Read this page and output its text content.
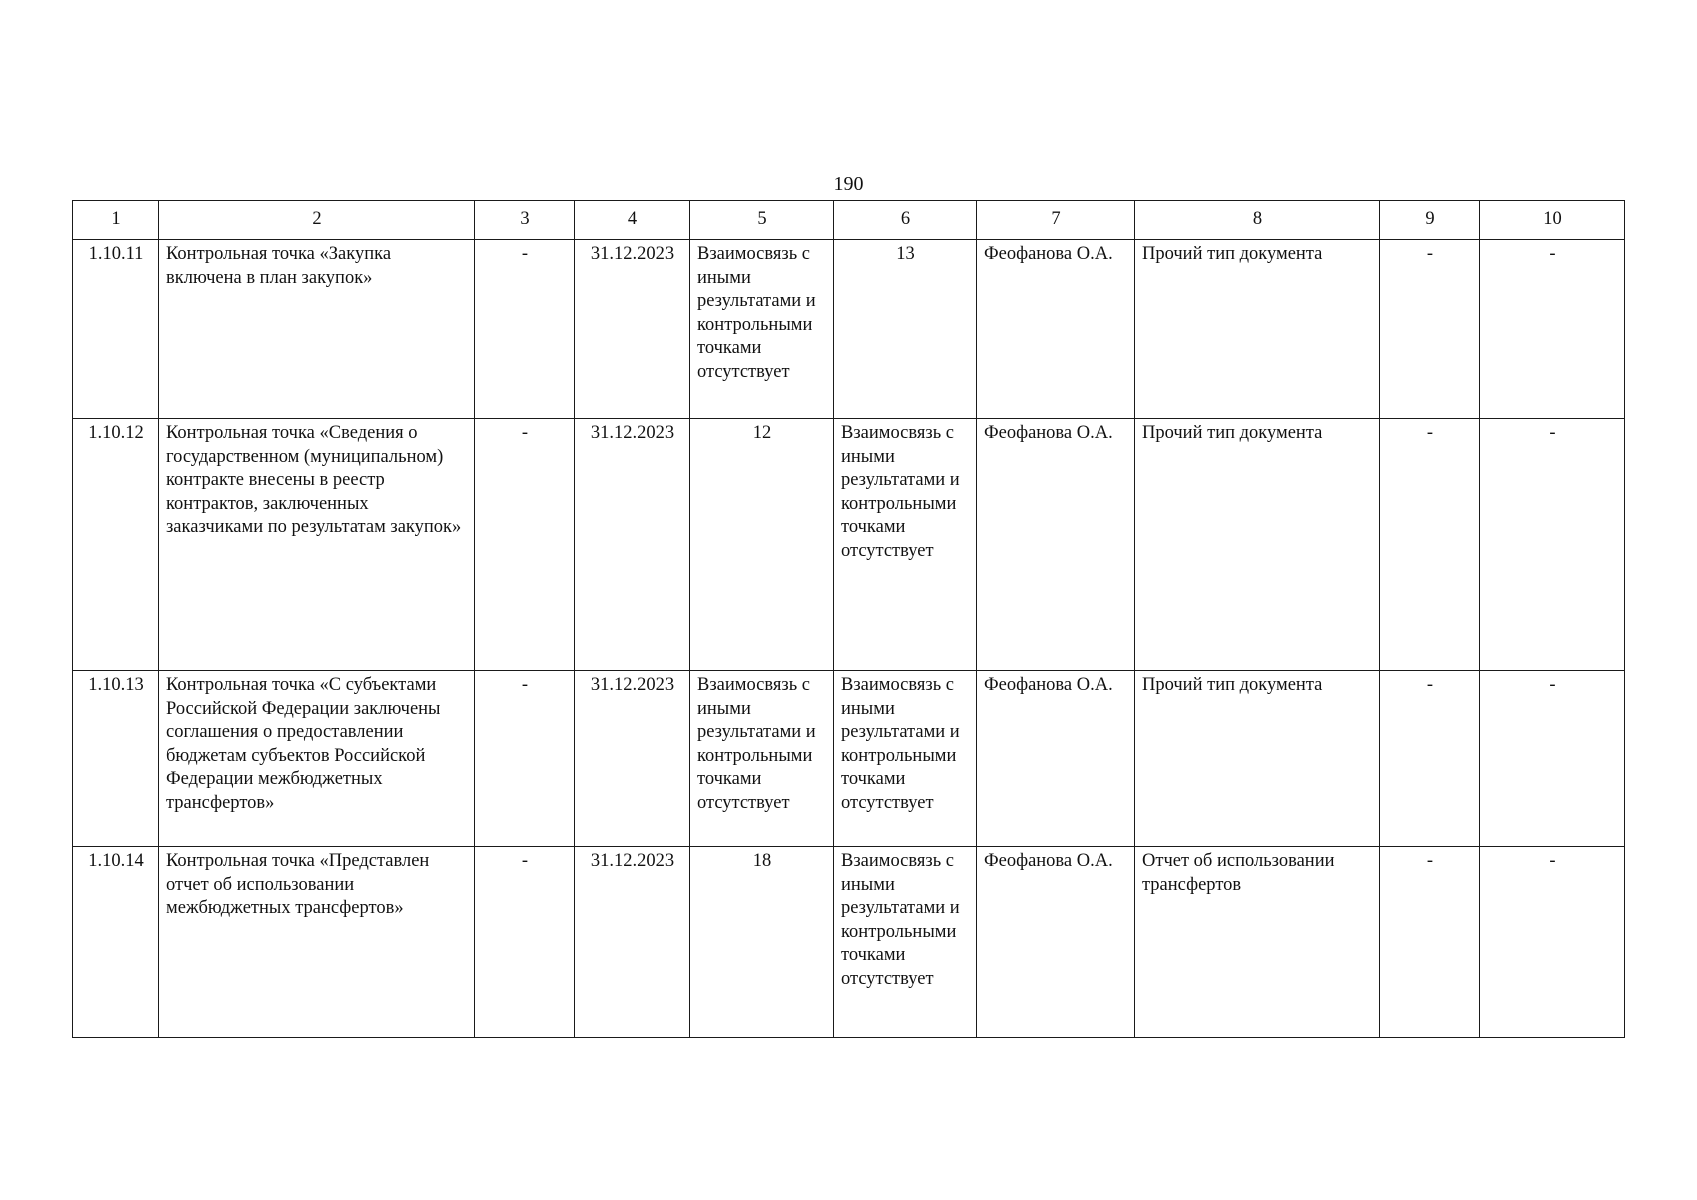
190
1	2	3	4	5	6	7	8	9	10
1.10.11	Контрольная точка «Закупка включена в план закупок»	-	31.12.2023	Взаимосвязь с иными результатами и контрольными точками отсутствует	13	Феофанова О.А.	Прочий тип документа	-	-
1.10.12	Контрольная точка «Сведения о государственном (муниципальном) контракте внесены в реестр контрактов, заключенных заказчиками по результатам закупок»	-	31.12.2023	12	Взаимосвязь с иными результатами и контрольными точками отсутствует	Феофанова О.А.	Прочий тип документа	-	-
1.10.13	Контрольная точка «С субъектами Российской Федерации заключены соглашения о предоставлении бюджетам субъектов Российской Федерации межбюджетных трансфертов»	-	31.12.2023	Взаимосвязь с иными результатами и контрольными точками отсутствует	Взаимосвязь с иными результатами и контрольными точками отсутствует	Феофанова О.А.	Прочий тип документа	-	-
1.10.14	Контрольная точка «Представлен отчет об использовании межбюджетных трансфертов»	-	31.12.2023	18	Взаимосвязь с иными результатами и контрольными точками отсутствует	Феофанова О.А.	Отчет об использовании трансфертов	-	-
